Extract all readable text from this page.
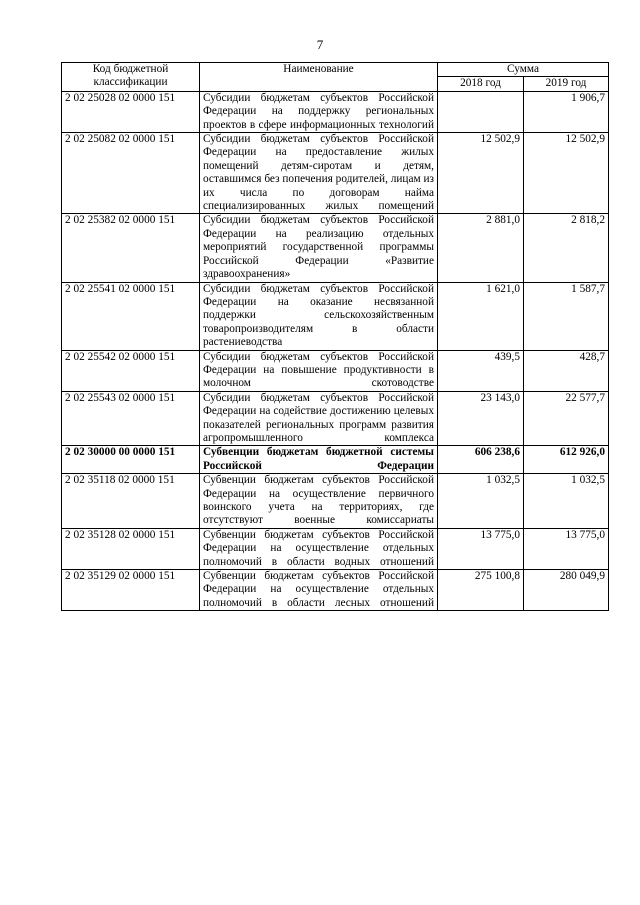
7
Код бюджетной классификации	Наименование	Сумма	
		2018 год	2019 год
2 02 25028 02 0000 151	Субсидии бюджетам субъектов Российской Федерации на поддержку региональных проектов в сфере информационных технологий		1 906,7
2 02 25082 02 0000 151	Субсидии бюджетам субъектов Российской Федерации на предоставление жилых помещений детям-сиротам и детям, оставшимся без попечения родителей, лицам из их числа по договорам найма специализированных жилых помещений	12 502,9	12 502,9
2 02 25382 02 0000 151	Субсидии бюджетам субъектов Российской Федерации на реализацию отдельных мероприятий государственной программы Российской Федерации «Развитие здравоохранения»	2 881,0	2 818,2
2 02 25541 02 0000 151	Субсидии бюджетам субъектов Российской Федерации на оказание несвязанной поддержки сельскохозяйственным товаропроизводителям в области растениеводства	1 621,0	1 587,7
2 02 25542 02 0000 151	Субсидии бюджетам субъектов Российской Федерации на повышение продуктивности в молочном скотоводстве	439,5	428,7
2 02 25543 02 0000 151	Субсидии бюджетам субъектов Российской Федерации на содействие достижению целевых показателей региональных программ развития агропромышленного комплекса	23 143,0	22 577,7
2 02 30000 00 0000 151	Субвенции бюджетам бюджетной системы Российской Федерации	606 238,6	612 926,0
2 02 35118 02 0000 151	Субвенции бюджетам субъектов Российской Федерации на осуществление первичного воинского учета на территориях, где отсутствуют военные комиссариаты	1 032,5	1 032,5
2 02 35128 02 0000 151	Субвенции бюджетам субъектов Российской Федерации на осуществление отдельных полномочий в области водных отношений	13 775,0	13 775,0
2 02 35129 02 0000 151	Субвенции бюджетам субъектов Российской Федерации на осуществление отдельных полномочий в области лесных отношений	275 100,8	280 049,9
